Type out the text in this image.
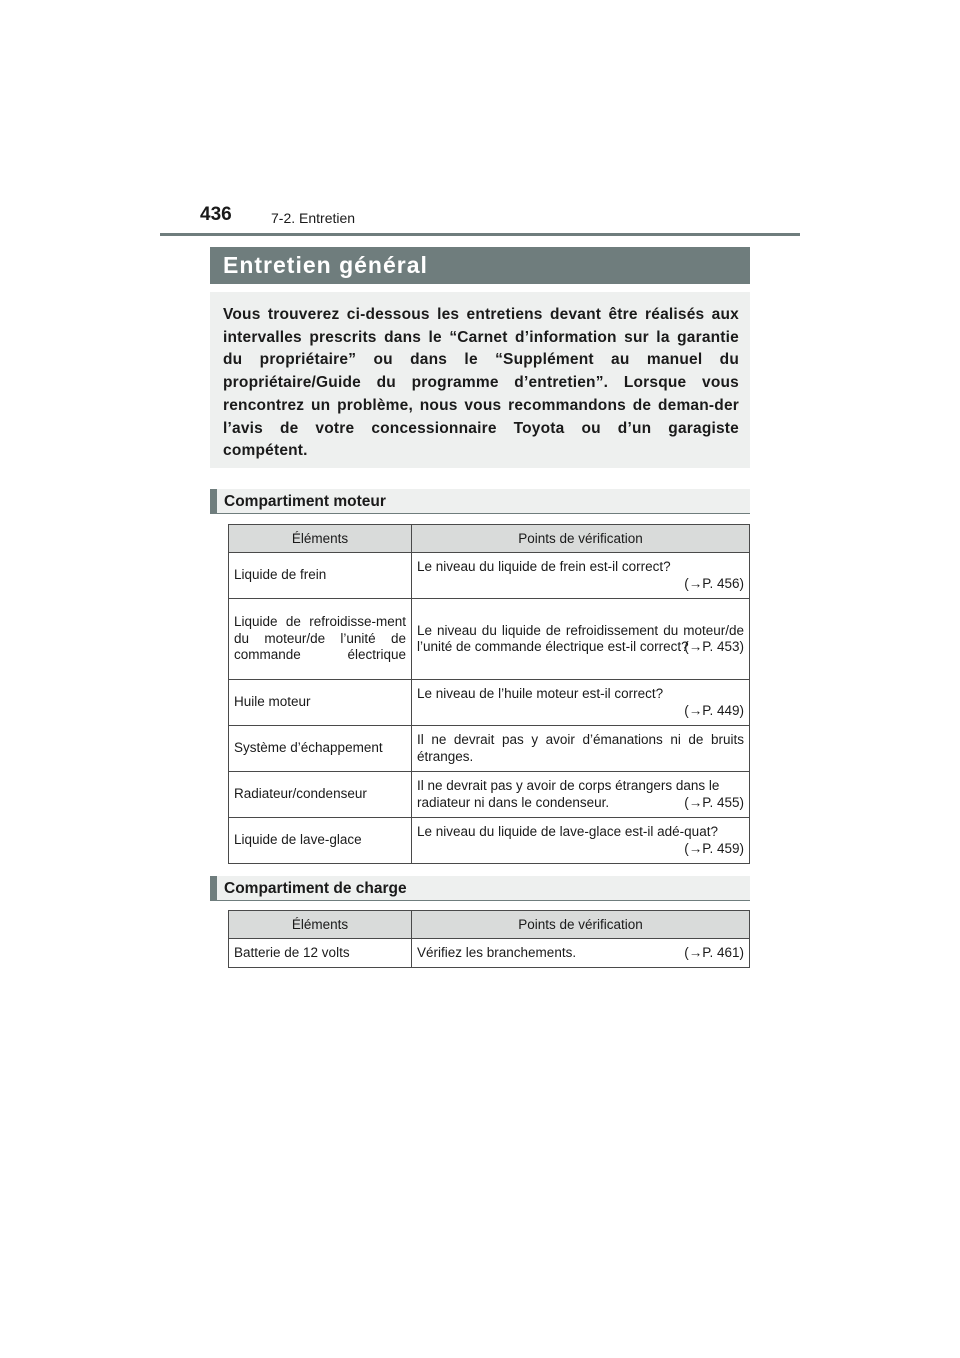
436	7-2. Entretien
Entretien général
Vous trouverez ci-dessous les entretiens devant être réalisés aux intervalles prescrits dans le “Carnet d’information sur la garantie du propriétaire” ou dans le “Supplément au manuel du propriétaire/Guide du programme d’entretien”. Lorsque vous rencontrez un problème, nous vous recommandons de deman-der l’avis de votre concessionnaire Toyota ou d’un garagiste compétent.
Compartiment moteur
Éléments	Points de vérification
Liquide de frein	Le niveau du liquide de frein est-il correct?
(→P. 456)

Liquide de refroidisse-ment du moteur/de l’unité de commande électrique	Le niveau du liquide de refroidissement du moteur/de l’unité de commande électrique est-il correct?
(→P. 453)

Huile moteur	Le niveau de l’huile moteur est-il correct?
(→P. 449)

Système d’échappement	Il ne devrait pas y avoir d’émanations ni de bruits étranges.
Radiateur/condenseur	Il ne devrait pas y avoir de corps étrangers dans le radiateur ni dans le condenseur. (→P. 455)

Liquide de lave-glace	Le niveau du liquide de lave-glace est-il adé-quat?
(→P. 459)
Compartiment de charge
Éléments	Points de vérification
Batterie de 12 volts	Vérifiez les branchements. (→P. 461)
